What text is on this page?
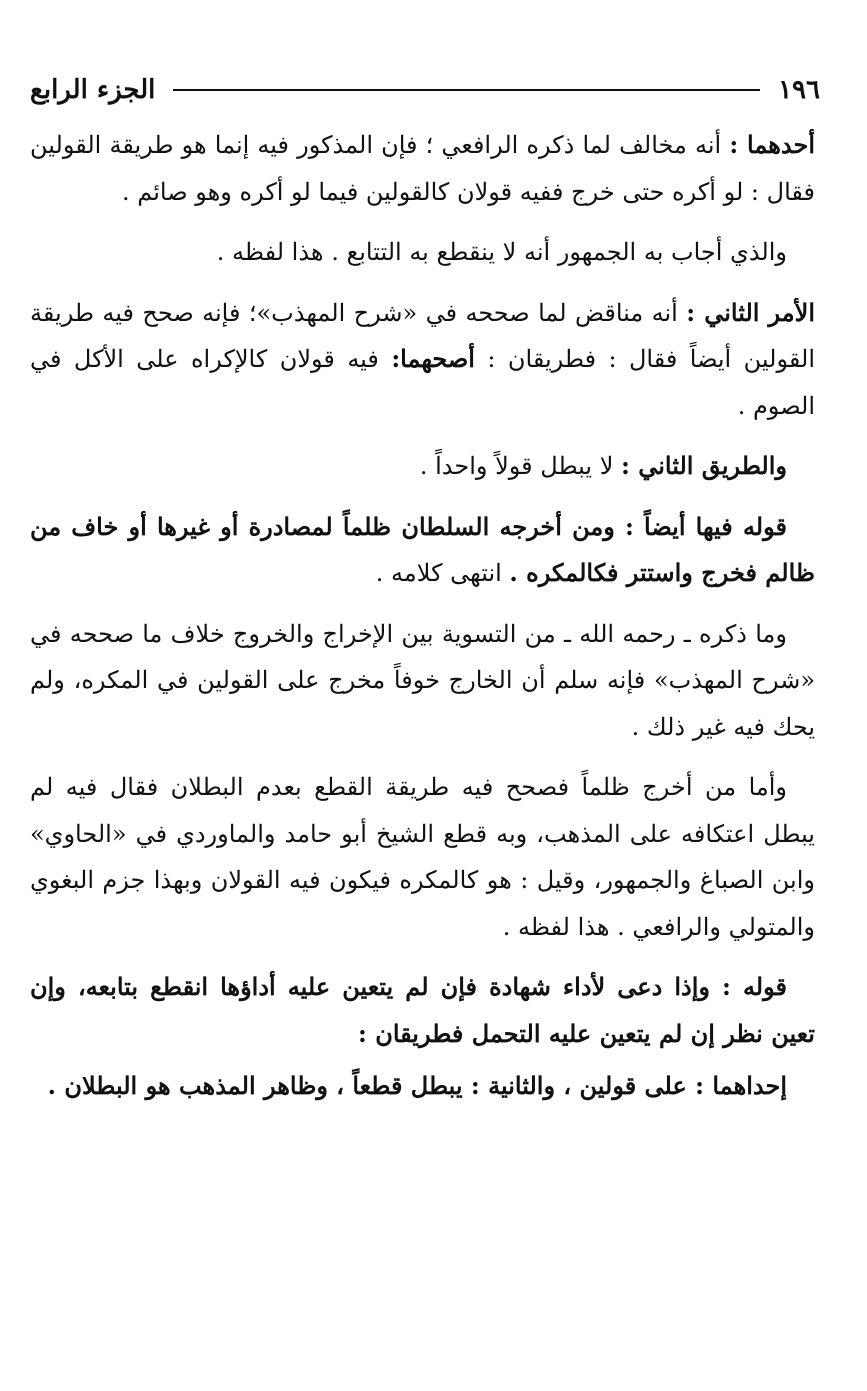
١٩٦
الجزء الرابع

أحدهما : أنه مخالف لما ذكره الرافعي ؛ فإن المذكور فيه إنما هو طريقة القولين فقال : لو أكره حتى خرج ففيه قولان كالقولين فيما لو أكره وهو صائم .

والذي أجاب به الجمهور أنه لا ينقطع به التتابع . هذا لفظه .

الأمر الثاني : أنه مناقض لما صححه في «شرح المهذب»؛ فإنه صحح فيه طريقة القولين أيضاً فقال : فطريقان : أصحهما: فيه قولان كالإكراه على الأكل في الصوم .

والطريق الثاني : لا يبطل قولاً واحداً .

قوله فيها أيضاً : ومن أخرجه السلطان ظلماً لمصادرة أو غيرها أو خاف من ظالم فخرج واستتر فكالمكره . انتهى كلامه .

وما ذكره ـ رحمه الله ـ من التسوية بين الإخراج والخروج خلاف ما صححه في «شرح المهذب» فإنه سلم أن الخارج خوفاً مخرج على القولين في المكره، ولم يحك فيه غير ذلك .

وأما من أخرج ظلماً فصحح فيه طريقة القطع بعدم البطلان فقال فيه لم يبطل اعتكافه على المذهب، وبه قطع الشيخ أبو حامد والماوردي في «الحاوي» وابن الصباغ والجمهور، وقيل : هو كالمكره فيكون فيه القولان وبهذا جزم البغوي والمتولي والرافعي . هذا لفظه .

قوله : وإذا دعى لأداء شهادة فإن لم يتعين عليه أداؤها انقطع بتابعه، وإن تعين نظر إن لم يتعين عليه التحمل فطريقان :

إحداهما : على قولين ، والثانية : يبطل قطعاً ، وظاهر المذهب هو البطلان .
